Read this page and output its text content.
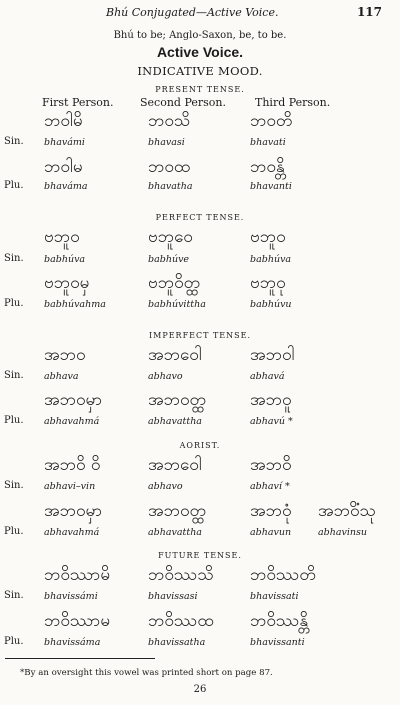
Bhú Conjugated—Active Voice.	117
Bhú to be; Anglo-Saxon, be, to be.
Active Voice.
INDICATIVE MOOD.
PRESENT TENSE.
First Person. Second Person.	Third Person.
ဘဝါမိ	ဘဝသိ	ဘဝတိ
Sin. bhavámi	bhavasi	bhavati
ဘဝါမ	ဘဝထ	ဘဝန္တိ
Plu. bhaváma	bhavatha	bhavanti
PERFECT TENSE.
ဗဘူဝ	ဗဘူဝေ	ဗဘူဝ
Sin. babhúva	babhúve	babhúva
ဗဘူဝမှ	ဗဘူဝိတ္ထ	ဗဘူဝု
Plu. babhúvahma	babhúvittha	babhúvu
IMPERFECT TENSE.
အဘဝ	အဘဝေါ	အဘဝါ
Sin. abhava	abhavo	abhavá
အဘဝမှာ	အဘဝတ္ထ	အဘဝူ
Plu. abhavahmá	abhavattha	abhavú *
AORIST.
အဘဝိ ဝိ	အဘဝေါ	အဘဝိ
Sin. abhavi–vin	abhavo	abhaví *
အဘဝမှာ	အဘဝတ္ထ	အဘဝုံ အဘဝိံသု
Plu. abhavahmá	abhavattha	abhavun	abhavinsu
FUTURE TENSE.
ဘဝိဿာမိ ဘဝိဿသိ ဘဝိဿတိ
Sin. bhavissámi	bhavissasi	bhavissati
ဘဝိဿာမ ဘဝိဿထ ဘဝိဿန္တိ
Plu. bhavissáma	bhavissatha	bhavissanti
*By an oversight this vowel was printed short on page 87.
26
